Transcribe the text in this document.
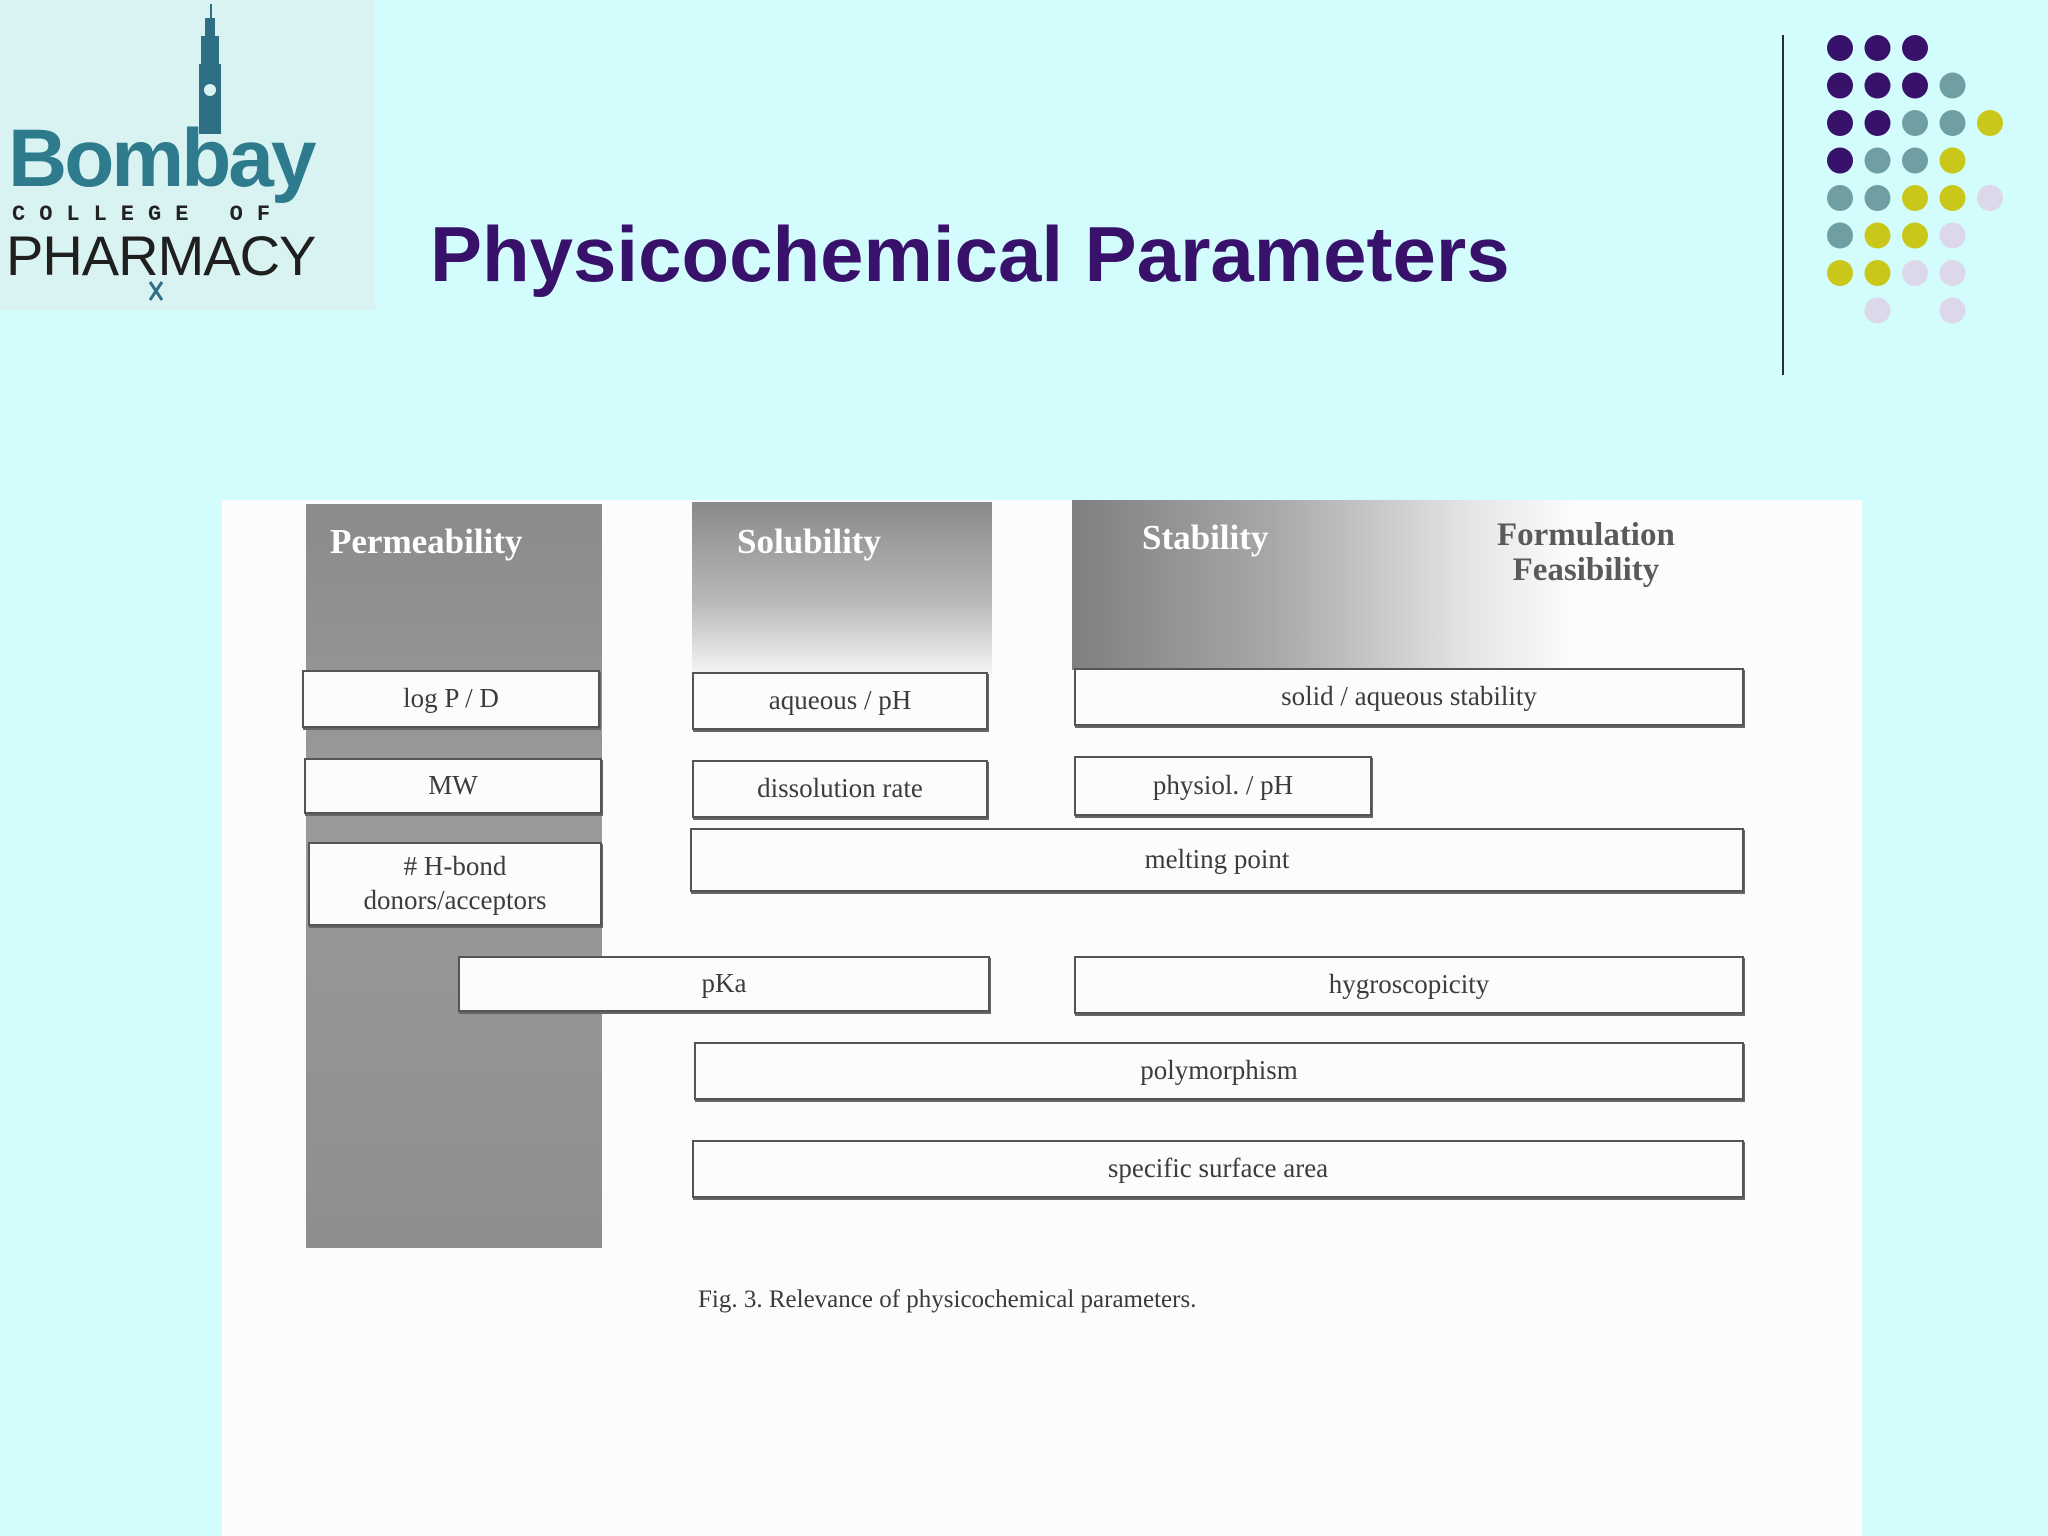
Bombay
COLLEGE OF
PHARMACY Physicochemical Parameters
Permeability	Solubility	Stability	Formulation
Feasibility
log P / D
MW
# H-bond
donors/acceptors
aqueous / pH
dissolution rate
solid / aqueous stability
physiol. / pH
melting point
pKa	hygroscopicity
polymorphism
specific surface area
Fig. 3. Relevance of physicochemical parameters.
